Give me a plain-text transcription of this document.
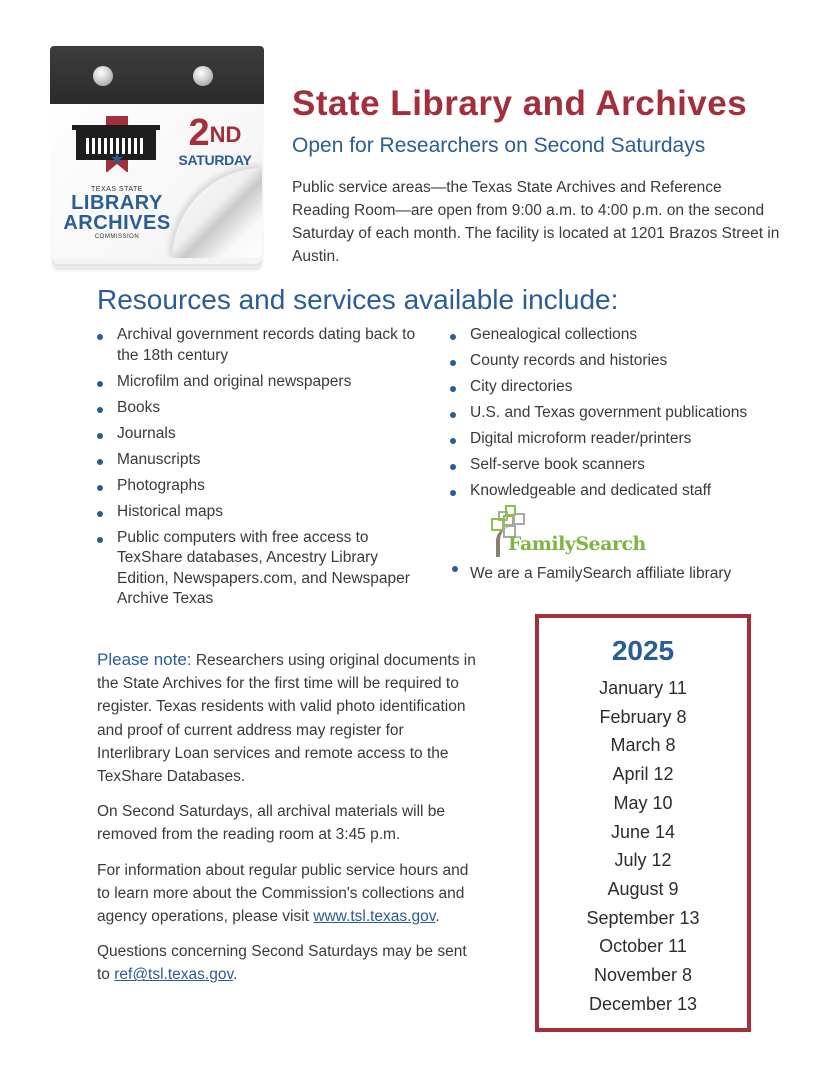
★
TEXAS STATE
LIBRARY
ARCHIVES
COMMISSION
2ND
SATURDAY
State Library and Archives
Open for Researchers on Second Saturdays
Public service areas—the Texas State Archives and Reference Reading Room—are open from 9:00 a.m. to 4:00 p.m. on the second Saturday of each month. The facility is located at 1201 Brazos Street in Austin.
Resources and services available include:
Archival government records dating back to the 18th century
Microfilm and original newspapers
Books
Journals
Manuscripts
Photographs
Historical maps
Public computers with free access to TexShare databases, Ancestry Library Edition, Newspapers.com, and Newspaper Archive Texas
Genealogical collections
County records and histories
City directories
U.S. and Texas government publications
Digital microform reader/printers
Self-serve book scanners
Knowledgeable and dedicated staff
FamilySearch
We are a FamilySearch affiliate library

Please note: Researchers using original documents in the State Archives for the first time will be required to register. Texas residents with valid photo identification and proof of current address may register for Interlibrary Loan services and remote access to the TexShare Databases.

On Second Saturdays, all archival materials will be removed from the reading room at 3:45 p.m.

For information about regular public service hours and to learn more about the Commission's collections and agency operations, please visit www.tsl.texas.gov.

Questions concerning Second Saturdays may be sent to ref@tsl.texas.gov.

2025
January 11
February 8
March 8
April 12
May 10
June 14
July 12
August 9
September 13
October 11
November 8
December 13
